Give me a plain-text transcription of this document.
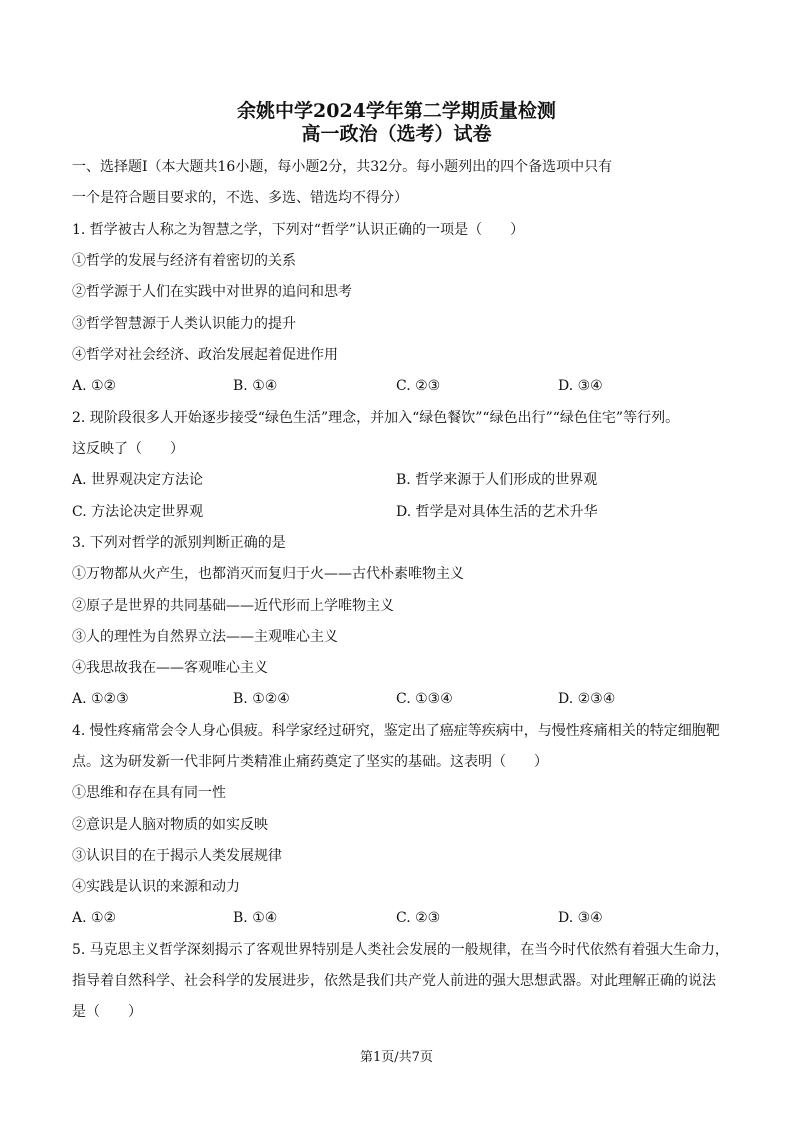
余姚中学2024学年第二学期质量检测
高一政治（选考）试卷
一、选择题Ⅰ（本大题共16小题，每小题2分，共32分。每小题列出的四个备选项中只有
一个是符合题目要求的，不选、多选、错选均不得分）
1. 哲学被古人称之为智慧之学，下列对“哲学”认识正确的一项是（　　）
①哲学的发展与经济有着密切的关系
②哲学源于人们在实践中对世界的追问和思考
③哲学智慧源于人类认识能力的提升
④哲学对社会经济、政治发展起着促进作用
A. ①②	B. ①④	C. ②③	D. ③④
2. 现阶段很多人开始逐步接受“绿色生活”理念，并加入“绿色餐饮”“绿色出行”“绿色住宅”等行列。
这反映了（　　）
A. 世界观决定方法论	B. 哲学来源于人们形成的世界观
C. 方法论决定世界观	D. 哲学是对具体生活的艺术升华
3. 下列对哲学的派别判断正确的是
①万物都从火产生，也都消灭而复归于火——古代朴素唯物主义
②原子是世界的共同基础——近代形而上学唯物主义
③人的理性为自然界立法——主观唯心主义
④我思故我在——客观唯心主义
A. ①②③	B. ①②④	C. ①③④	D. ②③④
4. 慢性疼痛常会令人身心俱疲。科学家经过研究，鉴定出了癌症等疾病中，与慢性疼痛相关的特定细胞靶
点。这为研发新一代非阿片类精准止痛药奠定了坚实的基础。这表明（　　）
①思维和存在具有同一性
②意识是人脑对物质的如实反映
③认识目的在于揭示人类发展规律
④实践是认识的来源和动力
A. ①②	B. ①④	C. ②③	D. ③④
5. 马克思主义哲学深刻揭示了客观世界特别是人类社会发展的一般规律，在当今时代依然有着强大生命力，
指导着自然科学、社会科学的发展进步，依然是我们共产党人前进的强大思想武器。对此理解正确的说法
是（　　）
第1页/共7页
